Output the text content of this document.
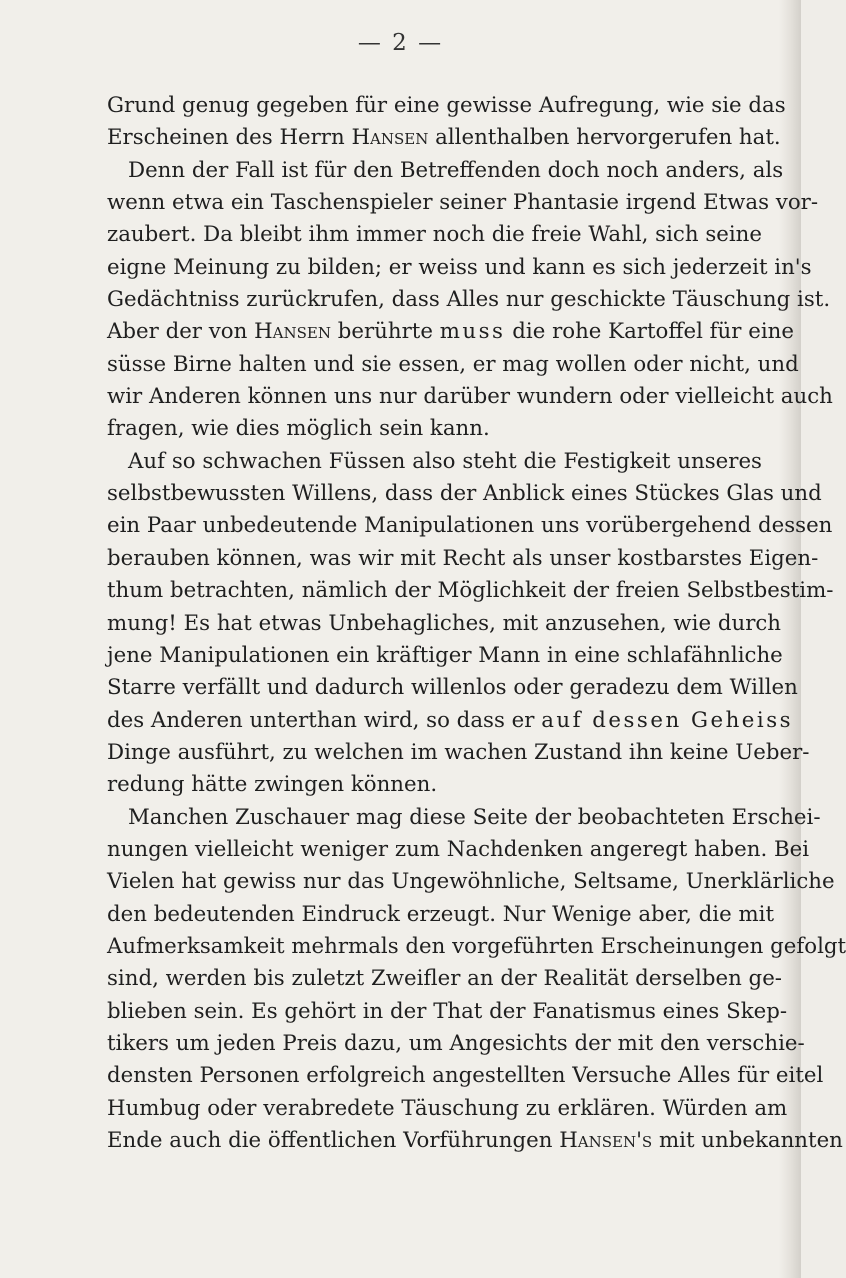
— 2 —
Grund genug gegeben für eine gewisse Aufregung, wie sie das
Erscheinen des Herrn Hansen allenthalben hervorgerufen hat.
Denn der Fall ist für den Betreffenden doch noch anders, als
wenn etwa ein Taschenspieler seiner Phantasie irgend Etwas vor-
zaubert. Da bleibt ihm immer noch die freie Wahl, sich seine
eigne Meinung zu bilden; er weiss und kann es sich jederzeit in's
Gedächtniss zurückrufen, dass Alles nur geschickte Täuschung ist.
Aber der von Hansen berührte muss die rohe Kartoffel für eine
süsse Birne halten und sie essen, er mag wollen oder nicht, und
wir Anderen können uns nur darüber wundern oder vielleicht auch
fragen, wie dies möglich sein kann.
Auf so schwachen Füssen also steht die Festigkeit unseres
selbstbewussten Willens, dass der Anblick eines Stückes Glas und
ein Paar unbedeutende Manipulationen uns vorübergehend dessen
berauben können, was wir mit Recht als unser kostbarstes Eigen-
thum betrachten, nämlich der Möglichkeit der freien Selbstbestim-
mung! Es hat etwas Unbehagliches, mit anzusehen, wie durch
jene Manipulationen ein kräftiger Mann in eine schlafähnliche
Starre verfällt und dadurch willenlos oder geradezu dem Willen
des Anderen unterthan wird, so dass er auf dessen Geheiss
Dinge ausführt, zu welchen im wachen Zustand ihn keine Ueber-
redung hätte zwingen können.
Manchen Zuschauer mag diese Seite der beobachteten Erschei-
nungen vielleicht weniger zum Nachdenken angeregt haben. Bei
Vielen hat gewiss nur das Ungewöhnliche, Seltsame, Unerklärliche
den bedeutenden Eindruck erzeugt. Nur Wenige aber, die mit
Aufmerksamkeit mehrmals den vorgeführten Erscheinungen gefolgt
sind, werden bis zuletzt Zweifler an der Realität derselben ge-
blieben sein. Es gehört in der That der Fanatismus eines Skep-
tikers um jeden Preis dazu, um Angesichts der mit den verschie-
densten Personen erfolgreich angestellten Versuche Alles für eitel
Humbug oder verabredete Täuschung zu erklären. Würden am
Ende auch die öffentlichen Vorführungen Hansen's mit unbekannten
